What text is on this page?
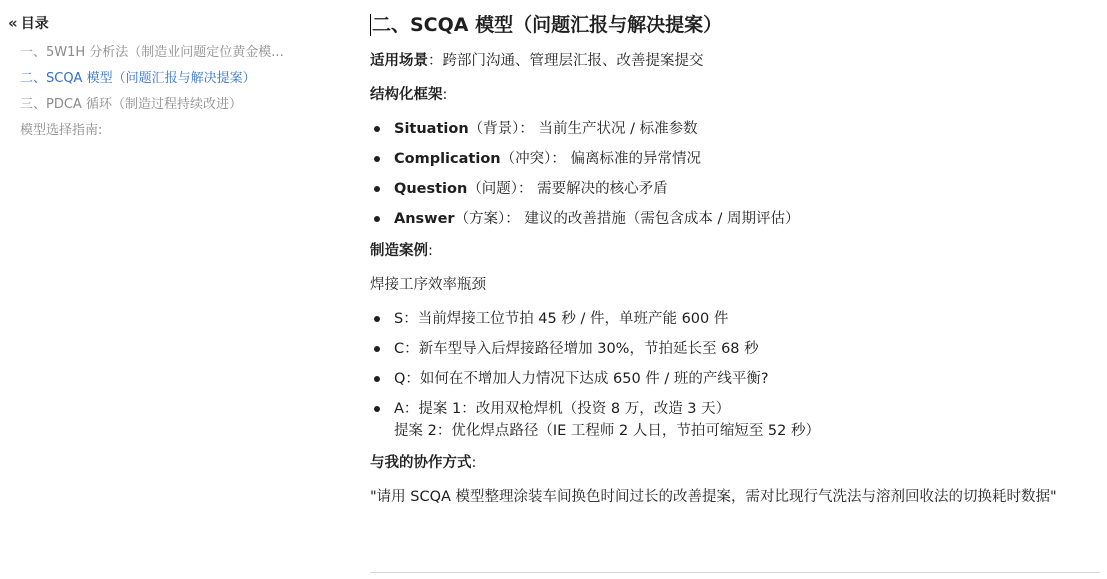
« 目录
一、5W1H 分析法（制造业问题定位黄金模...
二、SCQA 模型（问题汇报与解决提案）
三、PDCA 循环（制造过程持续改进）
模型选择指南:
二、SCQA 模型（问题汇报与解决提案）

适用场景：跨部门沟通、管理层汇报、改善提案提交

结构化框架:

Situation（背景）： 当前生产状况 / 标准参数
Complication（冲突）： 偏离标准的异常情况
Question（问题）： 需要解决的核心矛盾
Answer（方案）： 建议的改善措施（需包含成本 / 周期评估）

制造案例:

焊接工序效率瓶颈

S：当前焊接工位节拍 45 秒 / 件，单班产能 600 件
C：新车型导入后焊接路径增加 30%，节拍延长至 68 秒
Q：如何在不增加人力情况下达成 650 件 / 班的产线平衡?
A：提案 1：改用双枪焊机（投资 8 万，改造 3 天）
提案 2：优化焊点路径（IE 工程师 2 人日，节拍可缩短至 52 秒）

与我的协作方式:

"请用 SCQA 模型整理涂装车间换色时间过长的改善提案，需对比现行气洗法与溶剂回收法的切换耗时数据"
